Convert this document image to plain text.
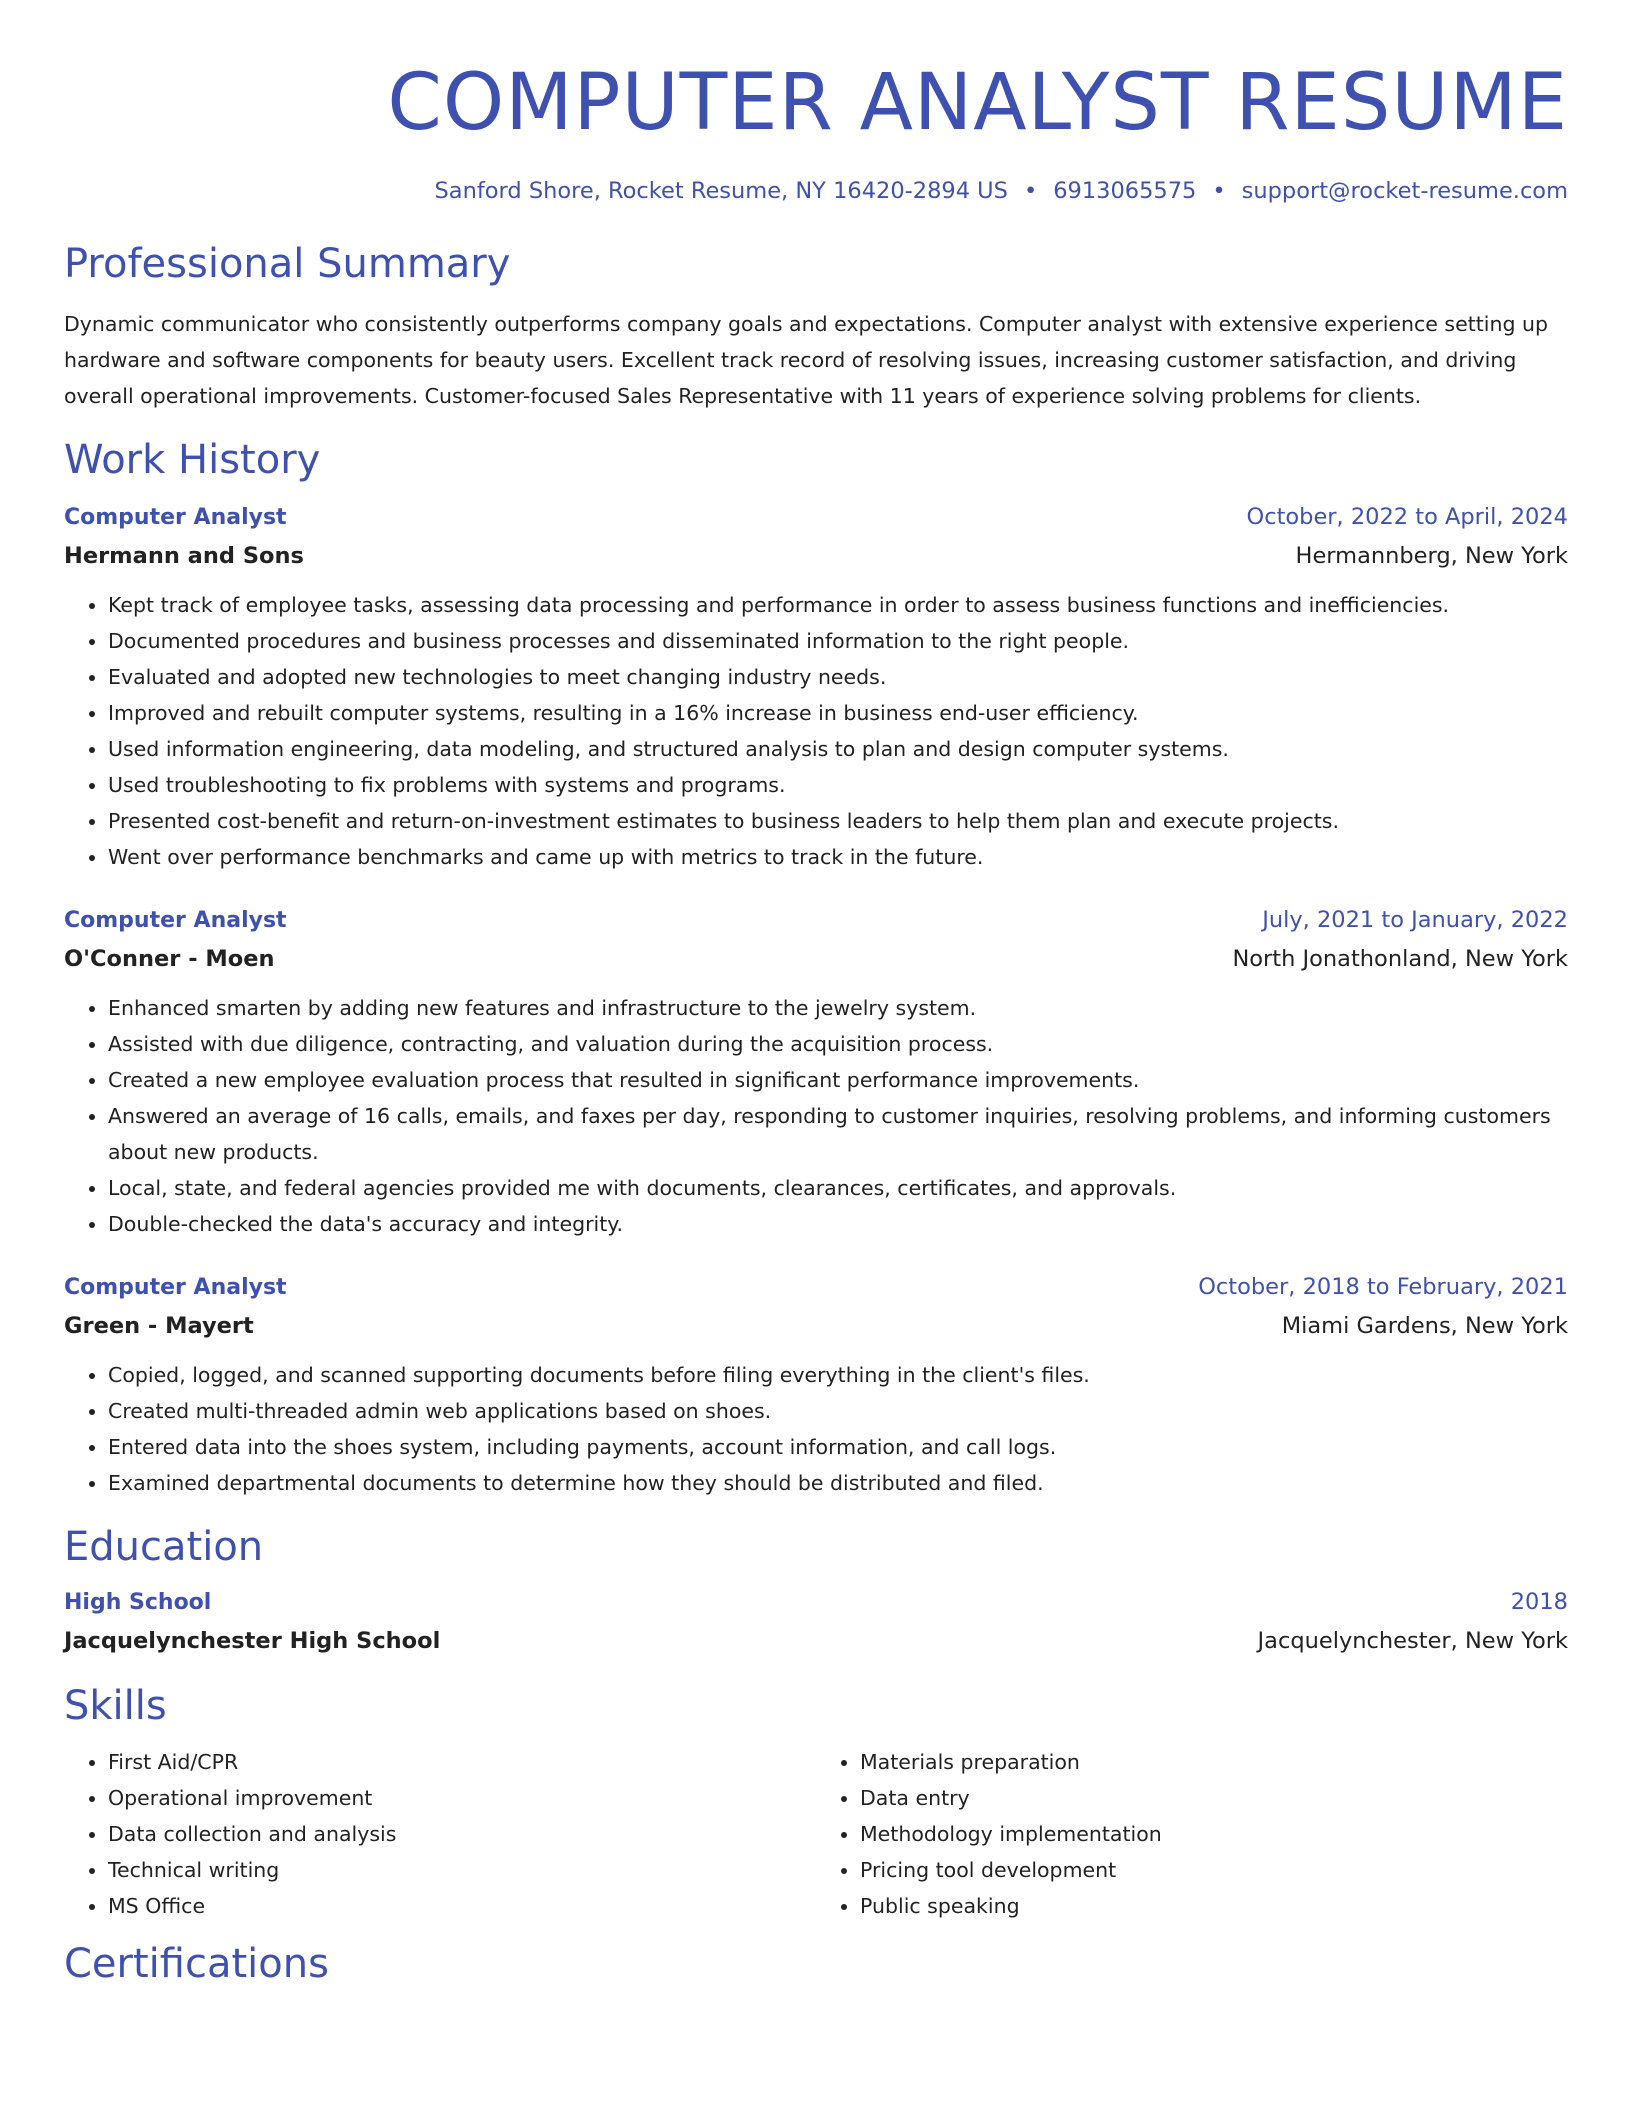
COMPUTER ANALYST RESUME
Sanford Shore, Rocket Resume, NY 16420-2894 US • 6913065575 • support@rocket-resume.com
Professional Summary

Dynamic communicator who consistently outperforms company goals and expectations. Computer analyst with extensive experience setting up hardware and software components for beauty users. Excellent track record of resolving issues, increasing customer satisfaction, and driving overall operational improvements. Customer-focused Sales Representative with 11 years of experience solving problems for clients.

Work History
Computer Analyst	October, 2022 to April, 2024
Hermann and Sons	Hermannberg, New York
• Kept track of employee tasks, assessing data processing and performance in order to assess business functions and inefficiencies.
• Documented procedures and business processes and disseminated information to the right people.
• Evaluated and adopted new technologies to meet changing industry needs.
• Improved and rebuilt computer systems, resulting in a 16% increase in business end-user efficiency.
• Used information engineering, data modeling, and structured analysis to plan and design computer systems.
• Used troubleshooting to fix problems with systems and programs.
• Presented cost-benefit and return-on-investment estimates to business leaders to help them plan and execute projects.
• Went over performance benchmarks and came up with metrics to track in the future.
Computer Analyst	July, 2021 to January, 2022
O'Conner - Moen	North Jonathonland, New York
• Enhanced smarten by adding new features and infrastructure to the jewelry system.
• Assisted with due diligence, contracting, and valuation during the acquisition process.
• Created a new employee evaluation process that resulted in significant performance improvements.
• Answered an average of 16 calls, emails, and faxes per day, responding to customer inquiries, resolving problems, and informing customers about new products.
• Local, state, and federal agencies provided me with documents, clearances, certificates, and approvals.
• Double-checked the data's accuracy and integrity.
Computer Analyst	October, 2018 to February, 2021
Green - Mayert	Miami Gardens, New York
• Copied, logged, and scanned supporting documents before filing everything in the client's files.
• Created multi-threaded admin web applications based on shoes.
• Entered data into the shoes system, including payments, account information, and call logs.
• Examined departmental documents to determine how they should be distributed and filed.
Education
High School	2018
Jacquelynchester High School	Jacquelynchester, New York
Skills
• First Aid/CPR
• Operational improvement
• Data collection and analysis
• Technical writing
• MS Office
• Materials preparation
• Data entry
• Methodology implementation
• Pricing tool development
• Public speaking
Certifications
